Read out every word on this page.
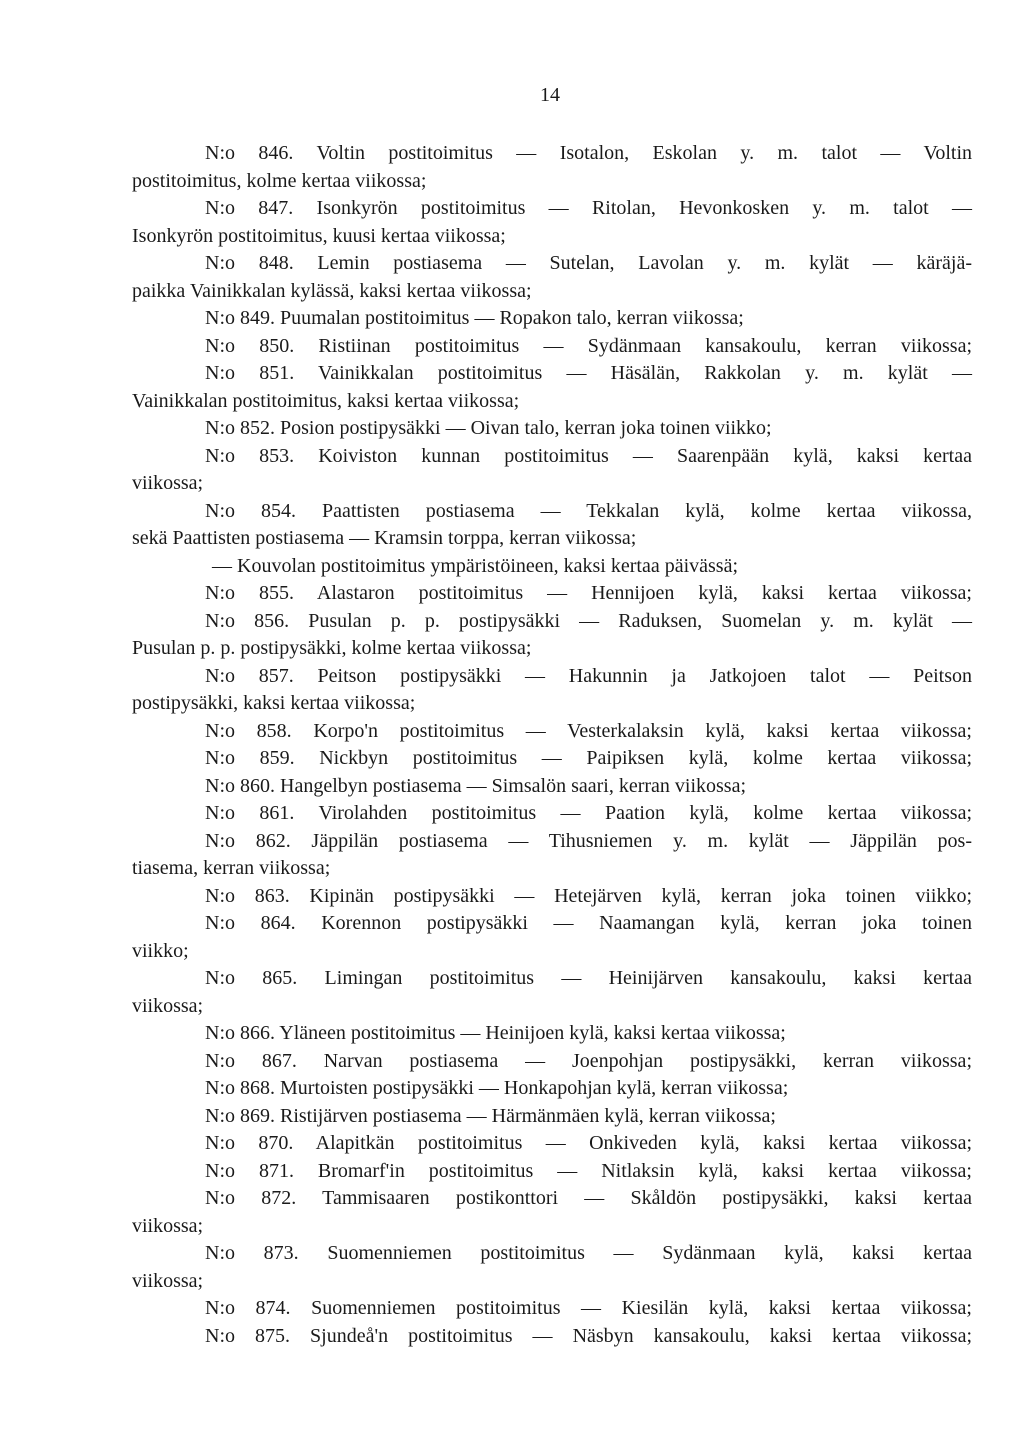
14
N:o 846. Voltin postitoimitus — Isotalon, Eskolan y. m. talot — Voltin
postitoimitus, kolme kertaa viikossa;
N:o 847. Isonkyrön postitoimitus — Ritolan, Hevonkosken y. m. talot —
Isonkyrön postitoimitus, kuusi kertaa viikossa;
N:o 848. Lemin postiasema — Sutelan, Lavolan y. m. kylät — käräjä-
paikka Vainikkalan kylässä, kaksi kertaa viikossa;
N:o 849. Puumalan postitoimitus — Ropakon talo, kerran viikossa;
N:o 850. Ristiinan postitoimitus — Sydänmaan kansakoulu, kerran viikossa;
N:o 851. Vainikkalan postitoimitus — Häsälän, Rakkolan y. m. kylät —
Vainikkalan postitoimitus, kaksi kertaa viikossa;
N:o 852. Posion postipysäkki — Oivan talo, kerran joka toinen viikko;
N:o 853. Koiviston kunnan postitoimitus — Saarenpään kylä, kaksi kertaa
viikossa;
N:o 854. Paattisten postiasema — Tekkalan kylä, kolme kertaa viikossa,
sekä Paattisten postiasema — Kramsin torppa, kerran viikossa;
— Kouvolan postitoimitus ympäristöineen, kaksi kertaa päivässä;
N:o 855. Alastaron postitoimitus — Hennijoen kylä, kaksi kertaa viikossa;
N:o 856. Pusulan p. p. postipysäkki — Raduksen, Suomelan y. m. kylät —
Pusulan p. p. postipysäkki, kolme kertaa viikossa;
N:o 857. Peitson postipysäkki — Hakunnin ja Jatkojoen talot — Peitson
postipysäkki, kaksi kertaa viikossa;
N:o 858. Korpo'n postitoimitus — Vesterkalaksin kylä, kaksi kertaa viikossa;
N:o 859. Nickbyn postitoimitus — Paipiksen kylä, kolme kertaa viikossa;
N:o 860. Hangelbyn postiasema — Simsalön saari, kerran viikossa;
N:o 861. Virolahden postitoimitus — Paation kylä, kolme kertaa viikossa;
N:o 862. Jäppilän postiasema — Tihusniemen y. m. kylät — Jäppilän pos-
tiasema, kerran viikossa;
N:o 863. Kipinän postipysäkki — Hetejärven kylä, kerran joka toinen viikko;
N:o 864. Korennon postipysäkki — Naamangan kylä, kerran joka toinen
viikko;
N:o 865. Limingan postitoimitus — Heinijärven kansakoulu, kaksi kertaa
viikossa;
N:o 866. Yläneen postitoimitus — Heinijoen kylä, kaksi kertaa viikossa;
N:o 867. Narvan postiasema — Joenpohjan postipysäkki, kerran viikossa;
N:o 868. Murtoisten postipysäkki — Honkapohjan kylä, kerran viikossa;
N:o 869. Ristijärven postiasema — Härmänmäen kylä, kerran viikossa;
N:o 870. Alapitkän postitoimitus — Onkiveden kylä, kaksi kertaa viikossa;
N:o 871. Bromarf'in postitoimitus — Nitlaksin kylä, kaksi kertaa viikossa;
N:o 872. Tammisaaren postikonttori — Skåldön postipysäkki, kaksi kertaa
viikossa;
N:o 873. Suomenniemen postitoimitus — Sydänmaan kylä, kaksi kertaa
viikossa;
N:o 874. Suomenniemen postitoimitus — Kiesilän kylä, kaksi kertaa viikossa;
N:o 875. Sjundeå'n postitoimitus — Näsbyn kansakoulu, kaksi kertaa viikossa;
